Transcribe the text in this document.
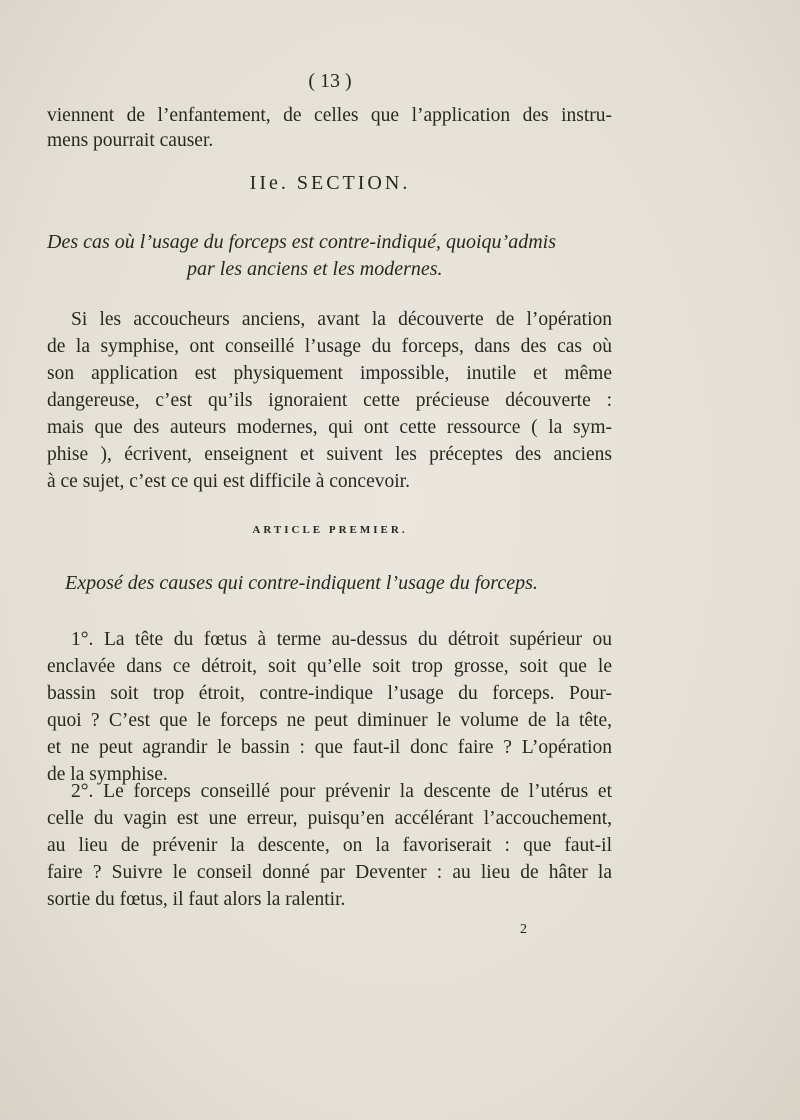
( 13 )
viennent de l’enfantement, de celles que l’application des instru-
mens pourrait causer.
IIe. SECTION.
Des cas où l’usage du forceps est contre-indiqué, quoiqu’admis
par les anciens et les modernes.
Si les accoucheurs anciens, avant la découverte de l’opération
de la symphise, ont conseillé l’usage du forceps, dans des cas où
son application est physiquement impossible, inutile et même
dangereuse, c’est qu’ils ignoraient cette précieuse découverte :
mais que des auteurs modernes, qui ont cette ressource ( la sym-
phise ), écrivent, enseignent et suivent les préceptes des anciens
à ce sujet, c’est ce qui est difficile à concevoir.
ARTICLE PREMIER.
Exposé des causes qui contre-indiquent l’usage du forceps.
1°. La tête du fœtus à terme au-dessus du détroit supérieur ou
enclavée dans ce détroit, soit qu’elle soit trop grosse, soit que le
bassin soit trop étroit, contre-indique l’usage du forceps. Pour-
quoi ? C’est que le forceps ne peut diminuer le volume de la tête,
et ne peut agrandir le bassin : que faut-il donc faire ? L’opération
de la symphise.
2°. Le forceps conseillé pour prévenir la descente de l’utérus et
celle du vagin est une erreur, puisqu’en accélérant l’accouchement,
au lieu de prévenir la descente, on la favoriserait : que faut-il
faire ? Suivre le conseil donné par Deventer : au lieu de hâter la
sortie du fœtus, il faut alors la ralentir.
2
